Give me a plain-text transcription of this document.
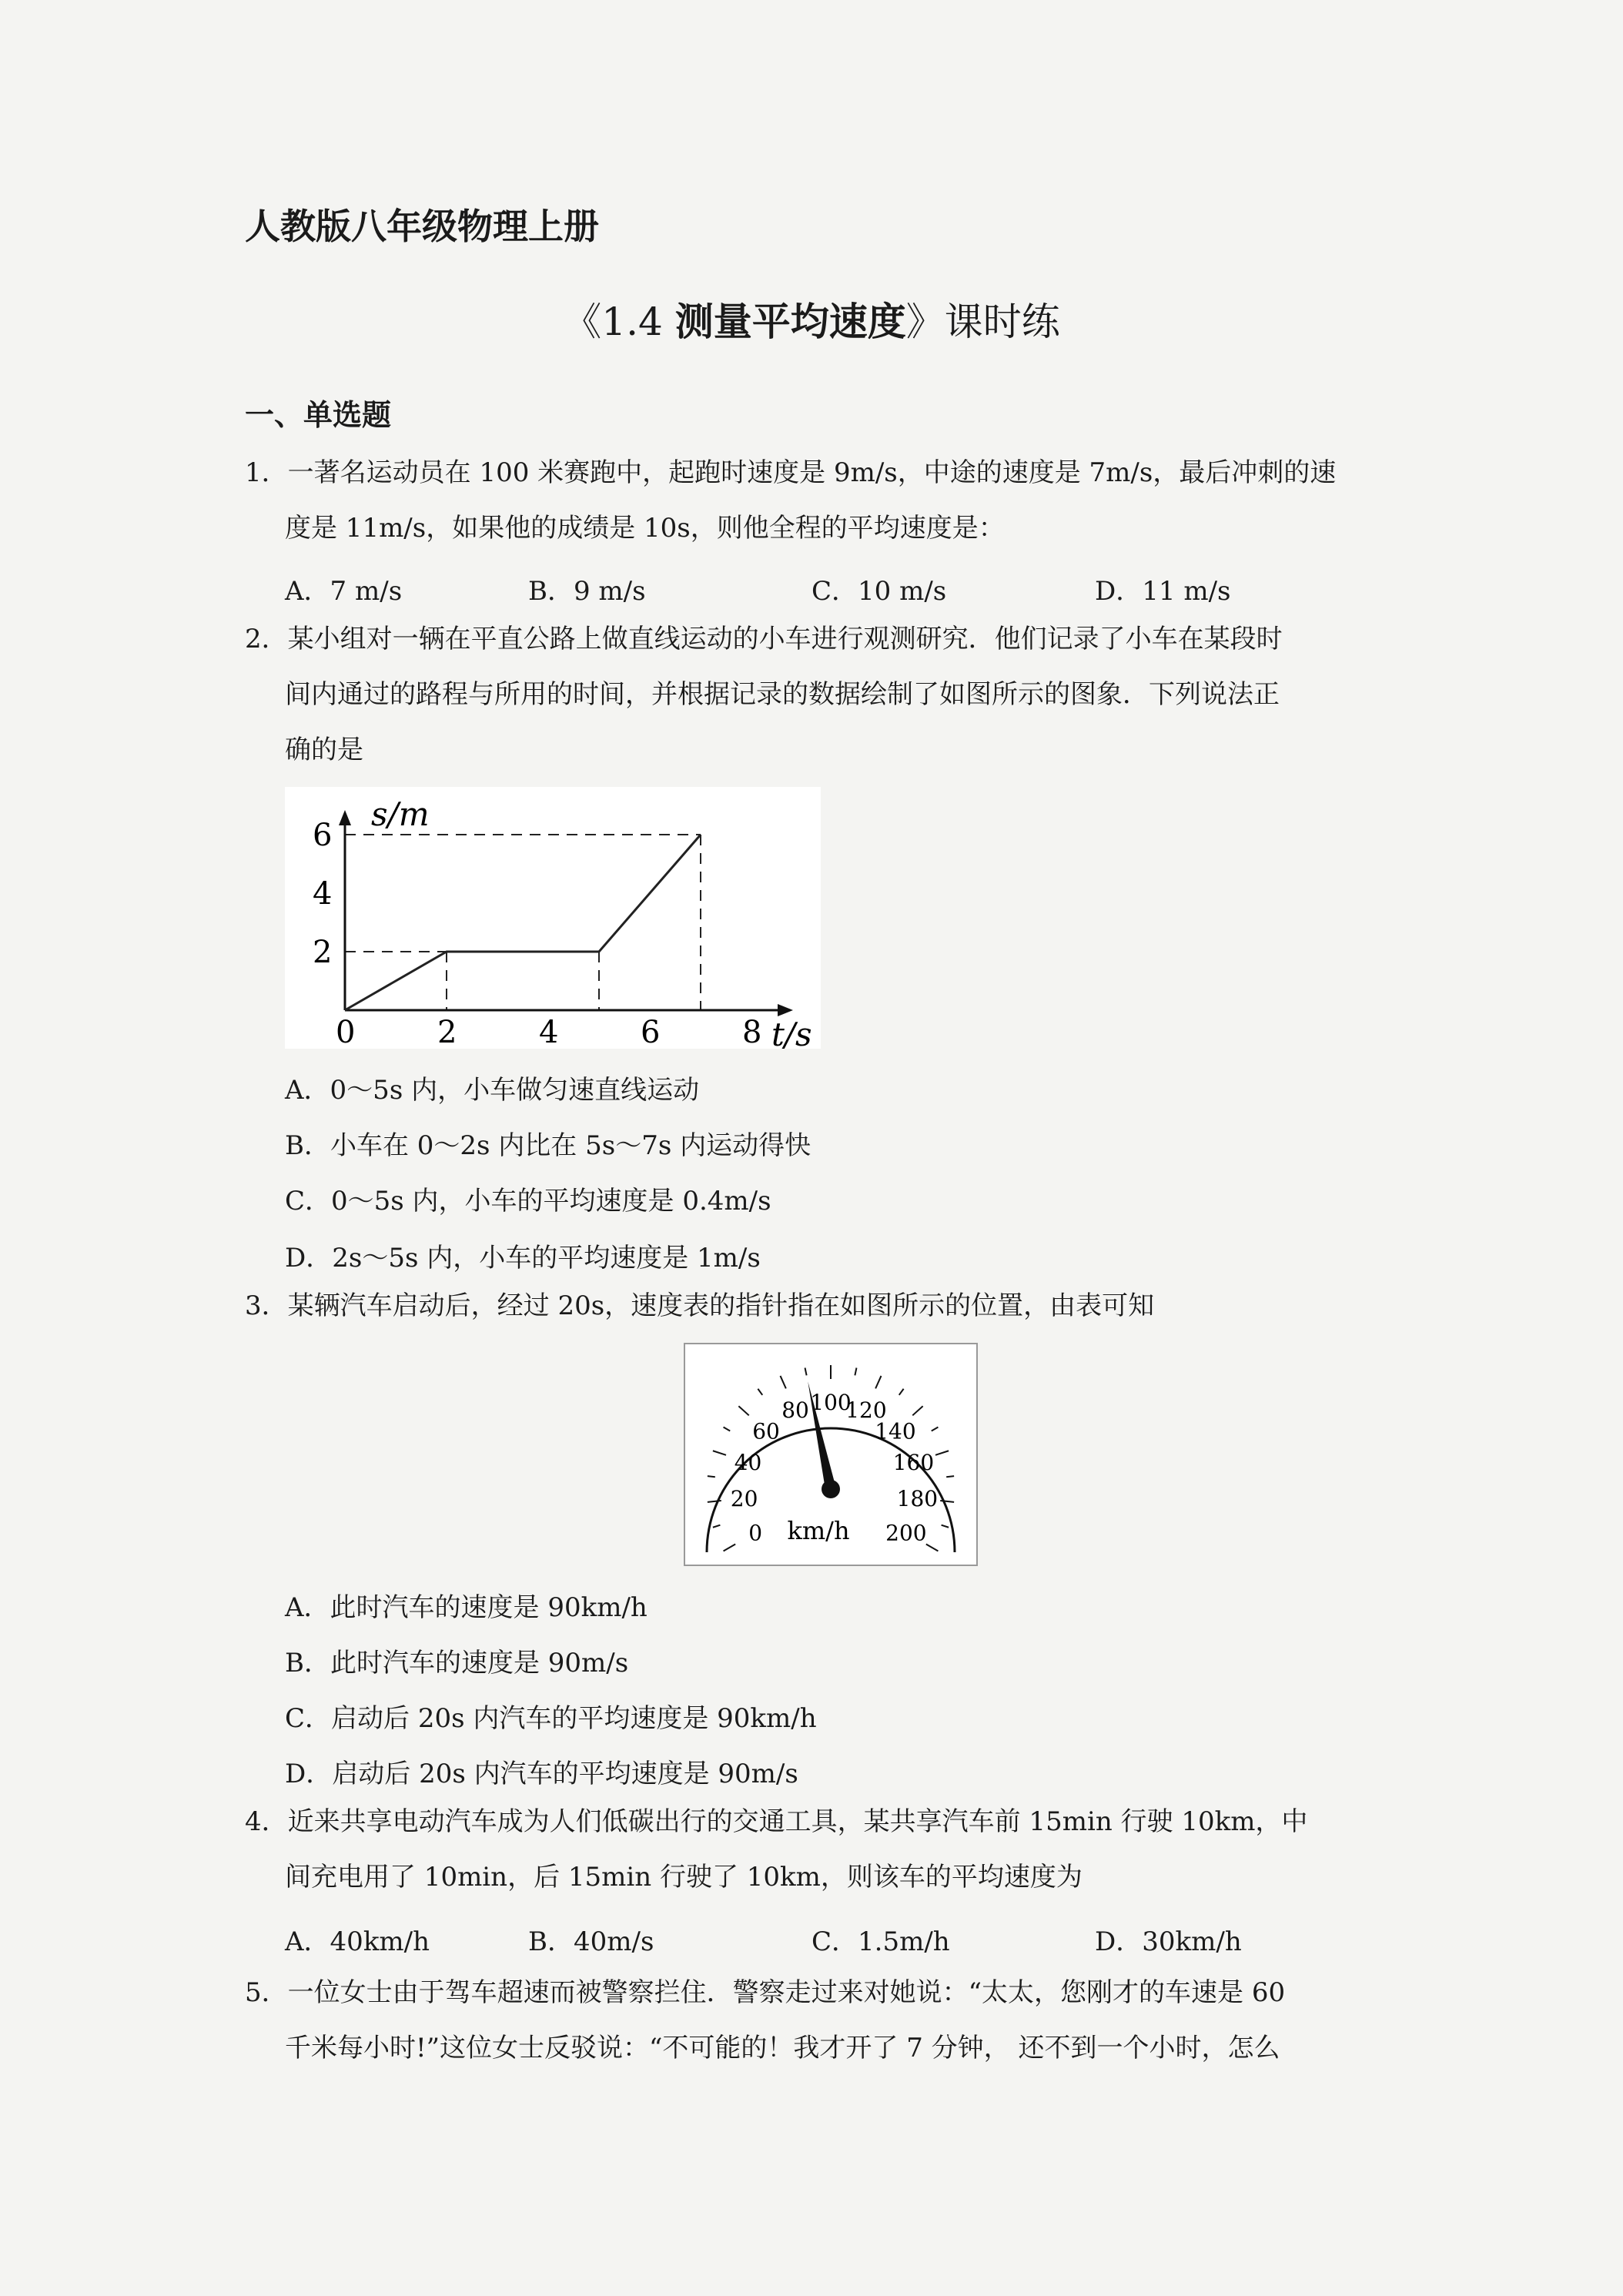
人教版八年级物理上册
《1.4 测量平均速度》课时练
一、单选题
1．一著名运动员在 100 米赛跑中，起跑时速度是 9m/s，中途的速度是 7m/s，最后冲刺的速
度是 11m/s，如果他的成绩是 10s，则他全程的平均速度是：
A．7 m/s	B．9 m/s	C．10 m/s	D．11 m/s
2．某小组对一辆在平直公路上做直线运动的小车进行观测研究．他们记录了小车在某段时
间内通过的路程与所用的时间，并根据记录的数据绘制了如图所示的图象．下列说法正
确的是
6
4
2
0	2	4	6	8
s/m
t/s
A．0～5s 内，小车做匀速直线运动
B．小车在 0～2s 内比在 5s～7s 内运动得快
C．0～5s 内，小车的平均速度是 0.4m/s
D．2s～5s 内，小车的平均速度是 1m/s
3．某辆汽车启动后，经过 20s，速度表的指针指在如图所示的位置，由表可知
0
20
40
60
80 100
120
140
160
180
200
km/h
A．此时汽车的速度是 90km/h
B．此时汽车的速度是 90m/s
C．启动后 20s 内汽车的平均速度是 90km/h
D．启动后 20s 内汽车的平均速度是 90m/s
4．近来共享电动汽车成为人们低碳出行的交通工具，某共享汽车前 15min 行驶 10km，中
间充电用了 10min，后 15min 行驶了 10km，则该车的平均速度为
A．40km/h	B．40m/s	C．1.5m/h	D．30km/h
5．一位女士由于驾车超速而被警察拦住．警察走过来对她说：“太太，您刚才的车速是 60
千米每小时!”这位女士反驳说：“不可能的！我才开了 7 分钟， 还不到一个小时，怎么
